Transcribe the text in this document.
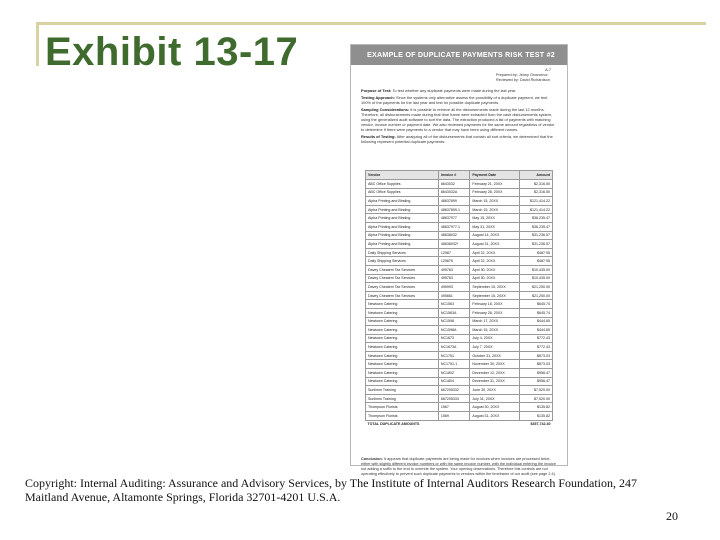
Exhibit 13-17	EXAMPLE OF DUPLICATE PAYMENTS RISK TEST #2
A-7
Prepared by: Jenny Grosvenor
Reviewed by: David Richardson

Purpose of Test: To test whether any duplicate payments were made during the last year.

Testing Approach: Since the systems only alternative assess the possibility of a duplicate payment, we test 100% of the payments for the last year and test for possible duplicate payments.

Sampling Considerations: It is possible to retrieve all the disbursements made during the last 12 months. Therefore, all disbursements made during that time frame were extracted from the cash disbursements system, using the generalized audit software to sort the data. The extraction produced a list of payments with matching vendor, invoice number or payment date. We also reviewed payments for the same amount regardless of vendor to determine if there were payments to a vendor that may have been using different names.

Results of Testing: After analyzing all of the disbursements that contain all sort criteria, we determined that the following represent potential duplicate payments:

Vendor	Invoice #	Payment Date	Amount
ABC Office Supplies	8643032	February 21, 20XX	$2,316.50
ABC Office Supplies	8643032A	February 28, 20XX	$2,316.50
Alpha Printing and Binding	48637899	March 15, 20XX	$121,414.22
Alpha Printing and Binding	48637899-1	March 15, 20XX	$121,414.22
Alpha Printing and Binding	48637977	May 15, 20XX	$36,235.47
Alpha Printing and Binding	48637977-1	May 31, 20XX	$36,235.47
Alpha Printing and Binding	48638032	August 14, 20XX	$31,236.57
Alpha Printing and Binding	48638032*	August 31, 20XX	$31,236.57
Daily Shipping Services	12587	April 22, 20XX	$487.95
Daily Shipping Services	12587K	April 22, 20XX	$487.95
Davey Cheatem Tax Services	495763	April 30, 20XX	$10,435.00
Davey Cheatem Tax Services	495763	April 30, 20XX	$10,435.00
Davey Cheatem Tax Services	495993	September 15, 20XX	$21,250.00
Davey Cheatem Tax Services	495661	September 15, 20XX	$21,250.00
Newtown Catering	NC1563	February 18, 20XX	$645.74
Newtown Catering	NC1563A	February 28, 20XX	$645.74
Newtown Catering	NC1598	March 17, 20XX	$444.65
Newtown Catering	NC1598A	March 15, 20XX	$444.65
Newtown Catering	NC1673	July 4, 20XX	$772.43
Newtown Catering	NC1673A	July 7, 20XX	$772.43
Newtown Catering	NC1751	October 31, 20XX	$873.03
Newtown Catering	NC1751-1	November 30, 20XX	$873.03
Newtown Catering	NC1802	December 12, 20XX	$956.47
Newtown Catering	NC1804	December 31, 20XX	$956.47
Sunlimm Training	667205332	June 30, 20XX	$7,520.00
Sunlimm Training	667205333	July 31, 20XX	$7,520.00
Thompson Florists	1567	August 30, 20XX	$135.82
Thompson Florists	1569	August 31, 20XX	$135.82
TOTAL DUPLICATE AMOUNTS			$357,742.40
Conclusion: It appears that duplicate payments are being made for invoices when invoices are processed twice, either with slightly different invoice numbers or with the same invoice number, with the individual entering the invoice not adding a suffix to the end to override the system. Your opening observations. Therefore this controls are not operating effectively to prevent such duplicate payments to vendors within the timeframe of our audit (see page 2.4).
Copyright: Internal Auditing: Assurance and Advisory Services, by The Institute of Internal Auditors Research Foundation, 247 Maitland Avenue, Altamonte Springs, Florida 32701-4201 U.S.A.
20
